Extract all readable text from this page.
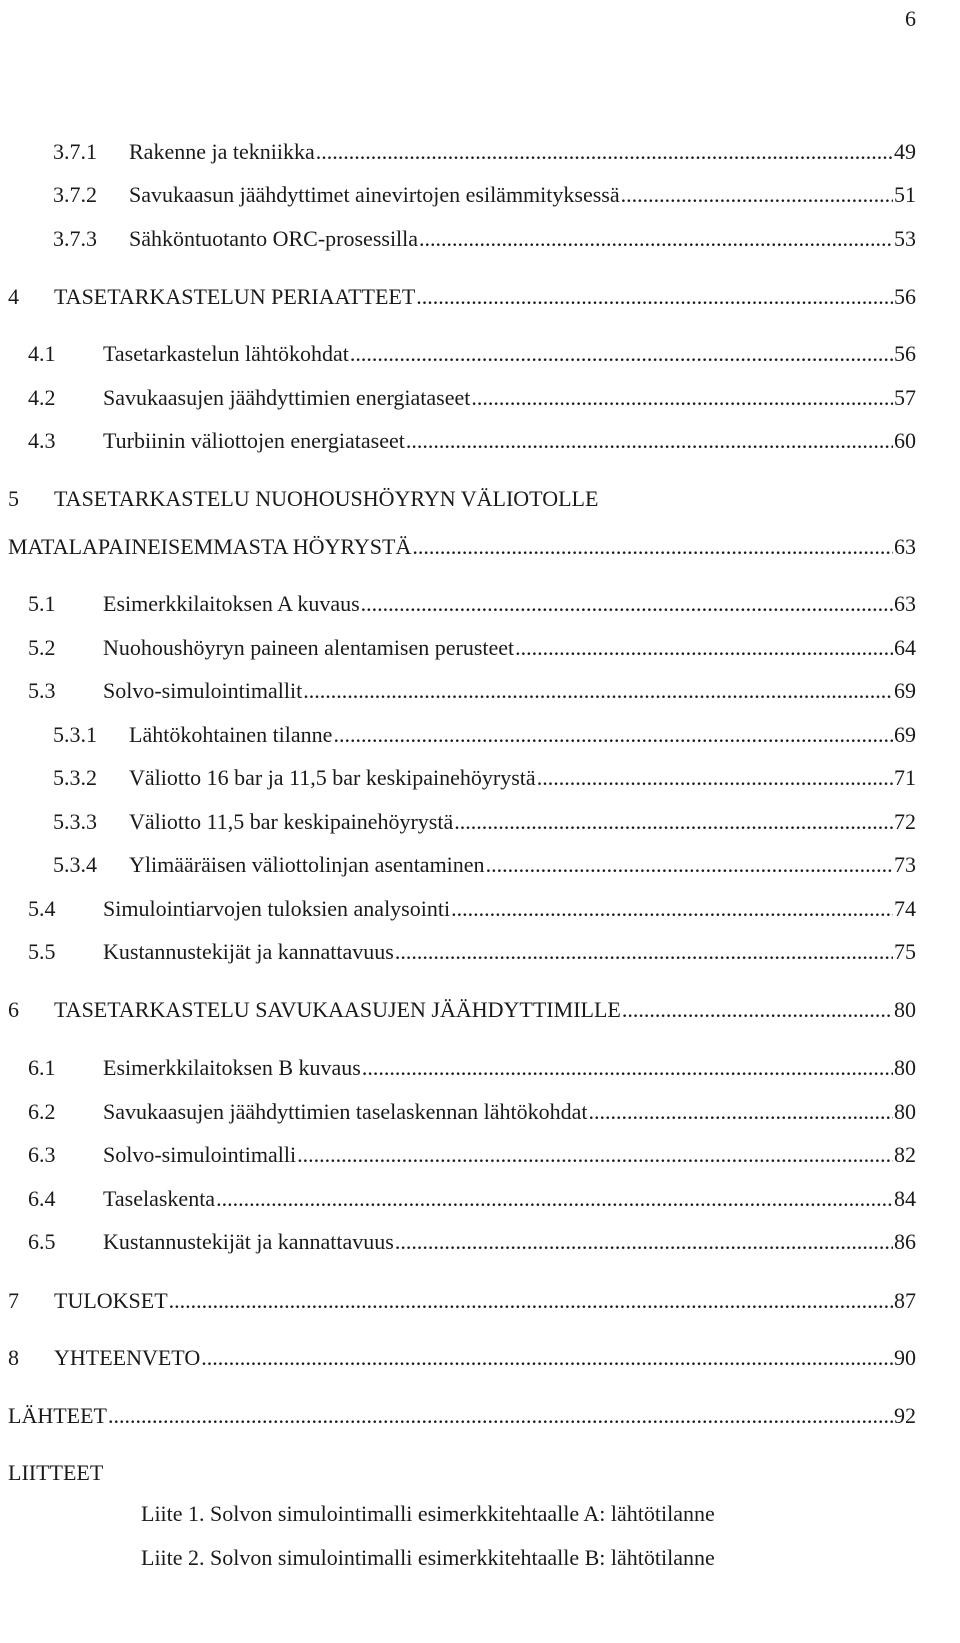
6
3.7.1	Rakenne ja tekniikka .....	49
3.7.2	Savukaasun jäähdyttimet ainevirtojen esilämmityksessä .....	51
3.7.3	Sähköntuotanto ORC-prosessilla .....	53
4	TASETARKASTELUN PERIAATTEET .....	56
4.1	Tasetarkastelun lähtökohdat .....	56
4.2	Savukaasujen jäähdyttimien energiataseet .....	57
4.3	Turbiinin väliottojen energiataseet .....	60
5 TASETARKASTELU NUOHOUSHÖYRYN VÄLIOTOLLE
MATALAPAINEISEMMASTA HÖYRYSTÄ .....	63
5.1	Esimerkkilaitoksen A kuvaus .....	63
5.2	Nuohoushöyryn paineen alentamisen perusteet .....	64
5.3	Solvo-simulointimallit .....	69
5.3.1	Lähtökohtainen tilanne .....	69
5.3.2	Väliotto 16 bar ja 11,5 bar keskipainehöyrystä .....	71
5.3.3	Väliotto 11,5 bar keskipainehöyrystä .....	72
5.3.4	Ylimääräisen väliottolinjan asentaminen .....	73
5.4	Simulointiarvojen tuloksien analysointi .....	74
5.5	Kustannustekijät ja kannattavuus .....	75
6	TASETARKASTELU SAVUKAASUJEN JÄÄHDYTTIMILLE .....	80
6.1	Esimerkkilaitoksen B kuvaus .....	80
6.2	Savukaasujen jäähdyttimien taselaskennan lähtökohdat .....	80
6.3	Solvo-simulointimalli .....	82
6.4	Taselaskenta .....	84
6.5	Kustannustekijät ja kannattavuus .....	86
7	TULOKSET .....	87
8	YHTEENVETO .....	90
LÄHTEET .....	92
LIITTEET
Liite 1. Solvon simulointimalli esimerkkitehtaalle A: lähtötilanne
Liite 2. Solvon simulointimalli esimerkkitehtaalle B: lähtötilanne
